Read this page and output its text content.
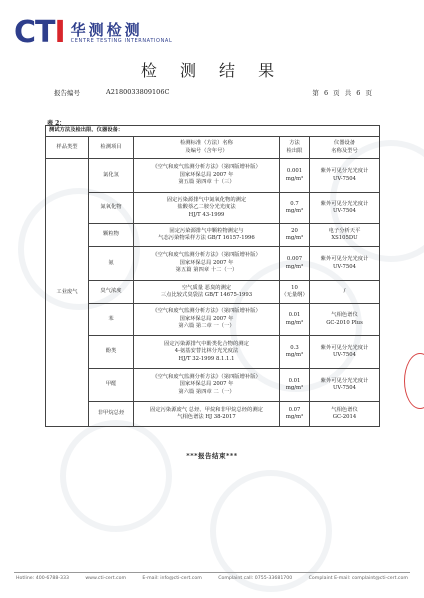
CTI 华测检测
CENTRE TESTING INTERNATIONAL
检 测 结 果
报告编号	A2180033809106C	第 6 页 共 6 页
表 2：
测试方法及检出限、仪器设备：				
样品类型	检测项目	检测标准（方法）名称
及编号（含年号）	方法
检出限	仪器设备
名称及型号
工业废气	氯化氢	《空气和废气监测分析方法》（第四版增补版）
国家环保总局 2007 年
第五篇 第四章 十（三）	0.001
mg/m³	紫外可见分光光度计
UV-7504
	氮氧化物	固定污染源排气中氮氧化物的测定
盐酸萘乙二胺分光光度法
HJ/T 43-1999	0.7
mg/m³	紫外可见分光光度计
UV-7504
	颗粒物	固定污染源排气中颗粒物测定与
气态污染物采样方法 GB/T 16157-1996	20
mg/m³	电子分析天平
XS105DU
	氨	《空气和废气监测分析方法》（第四版增补版）
国家环保总局 2007 年
第五篇 第四章 十二（一）	0.007
mg/m³	紫外可见分光光度计
UV-7504
	臭气浓度	空气质量 恶臭的测定
三点比较式臭袋法 GB/T 14675-1993	10
（无量纲）	/
	苯	《空气和废气监测分析方法》（第四版增补版）
国家环保总局 2007 年
第六篇 第二章 一（一）	0.01
mg/m³	气相色谱仪
GC-2010 Plus
	酚类	固定污染源排气中酚类化合物的测定
4-氨基安替比林分光光度法
HJ/T 32-1999 8.1.1.1	0.3
mg/m³	紫外可见分光光度计
UV-7504
	甲醛	《空气和废气监测分析方法》（第四版增补版）
国家环保总局 2007 年
第六篇 第四章 二（一）	0.01
mg/m³	紫外可见分光光度计
UV-7504
	非甲烷总烃	固定污染源废气 总烃、甲烷和非甲烷总烃的测定
气相色谱法 HJ 38-2017	0.07
mg/m³	气相色谱仪
GC-2014
***报告结束***
Hotline: 400-6788-333	www.cti-cert.com	E-mail: info@cti-cert.com	Complaint call: 0755-33681700	Complaint E-mail: complaint@cti-cert.com
